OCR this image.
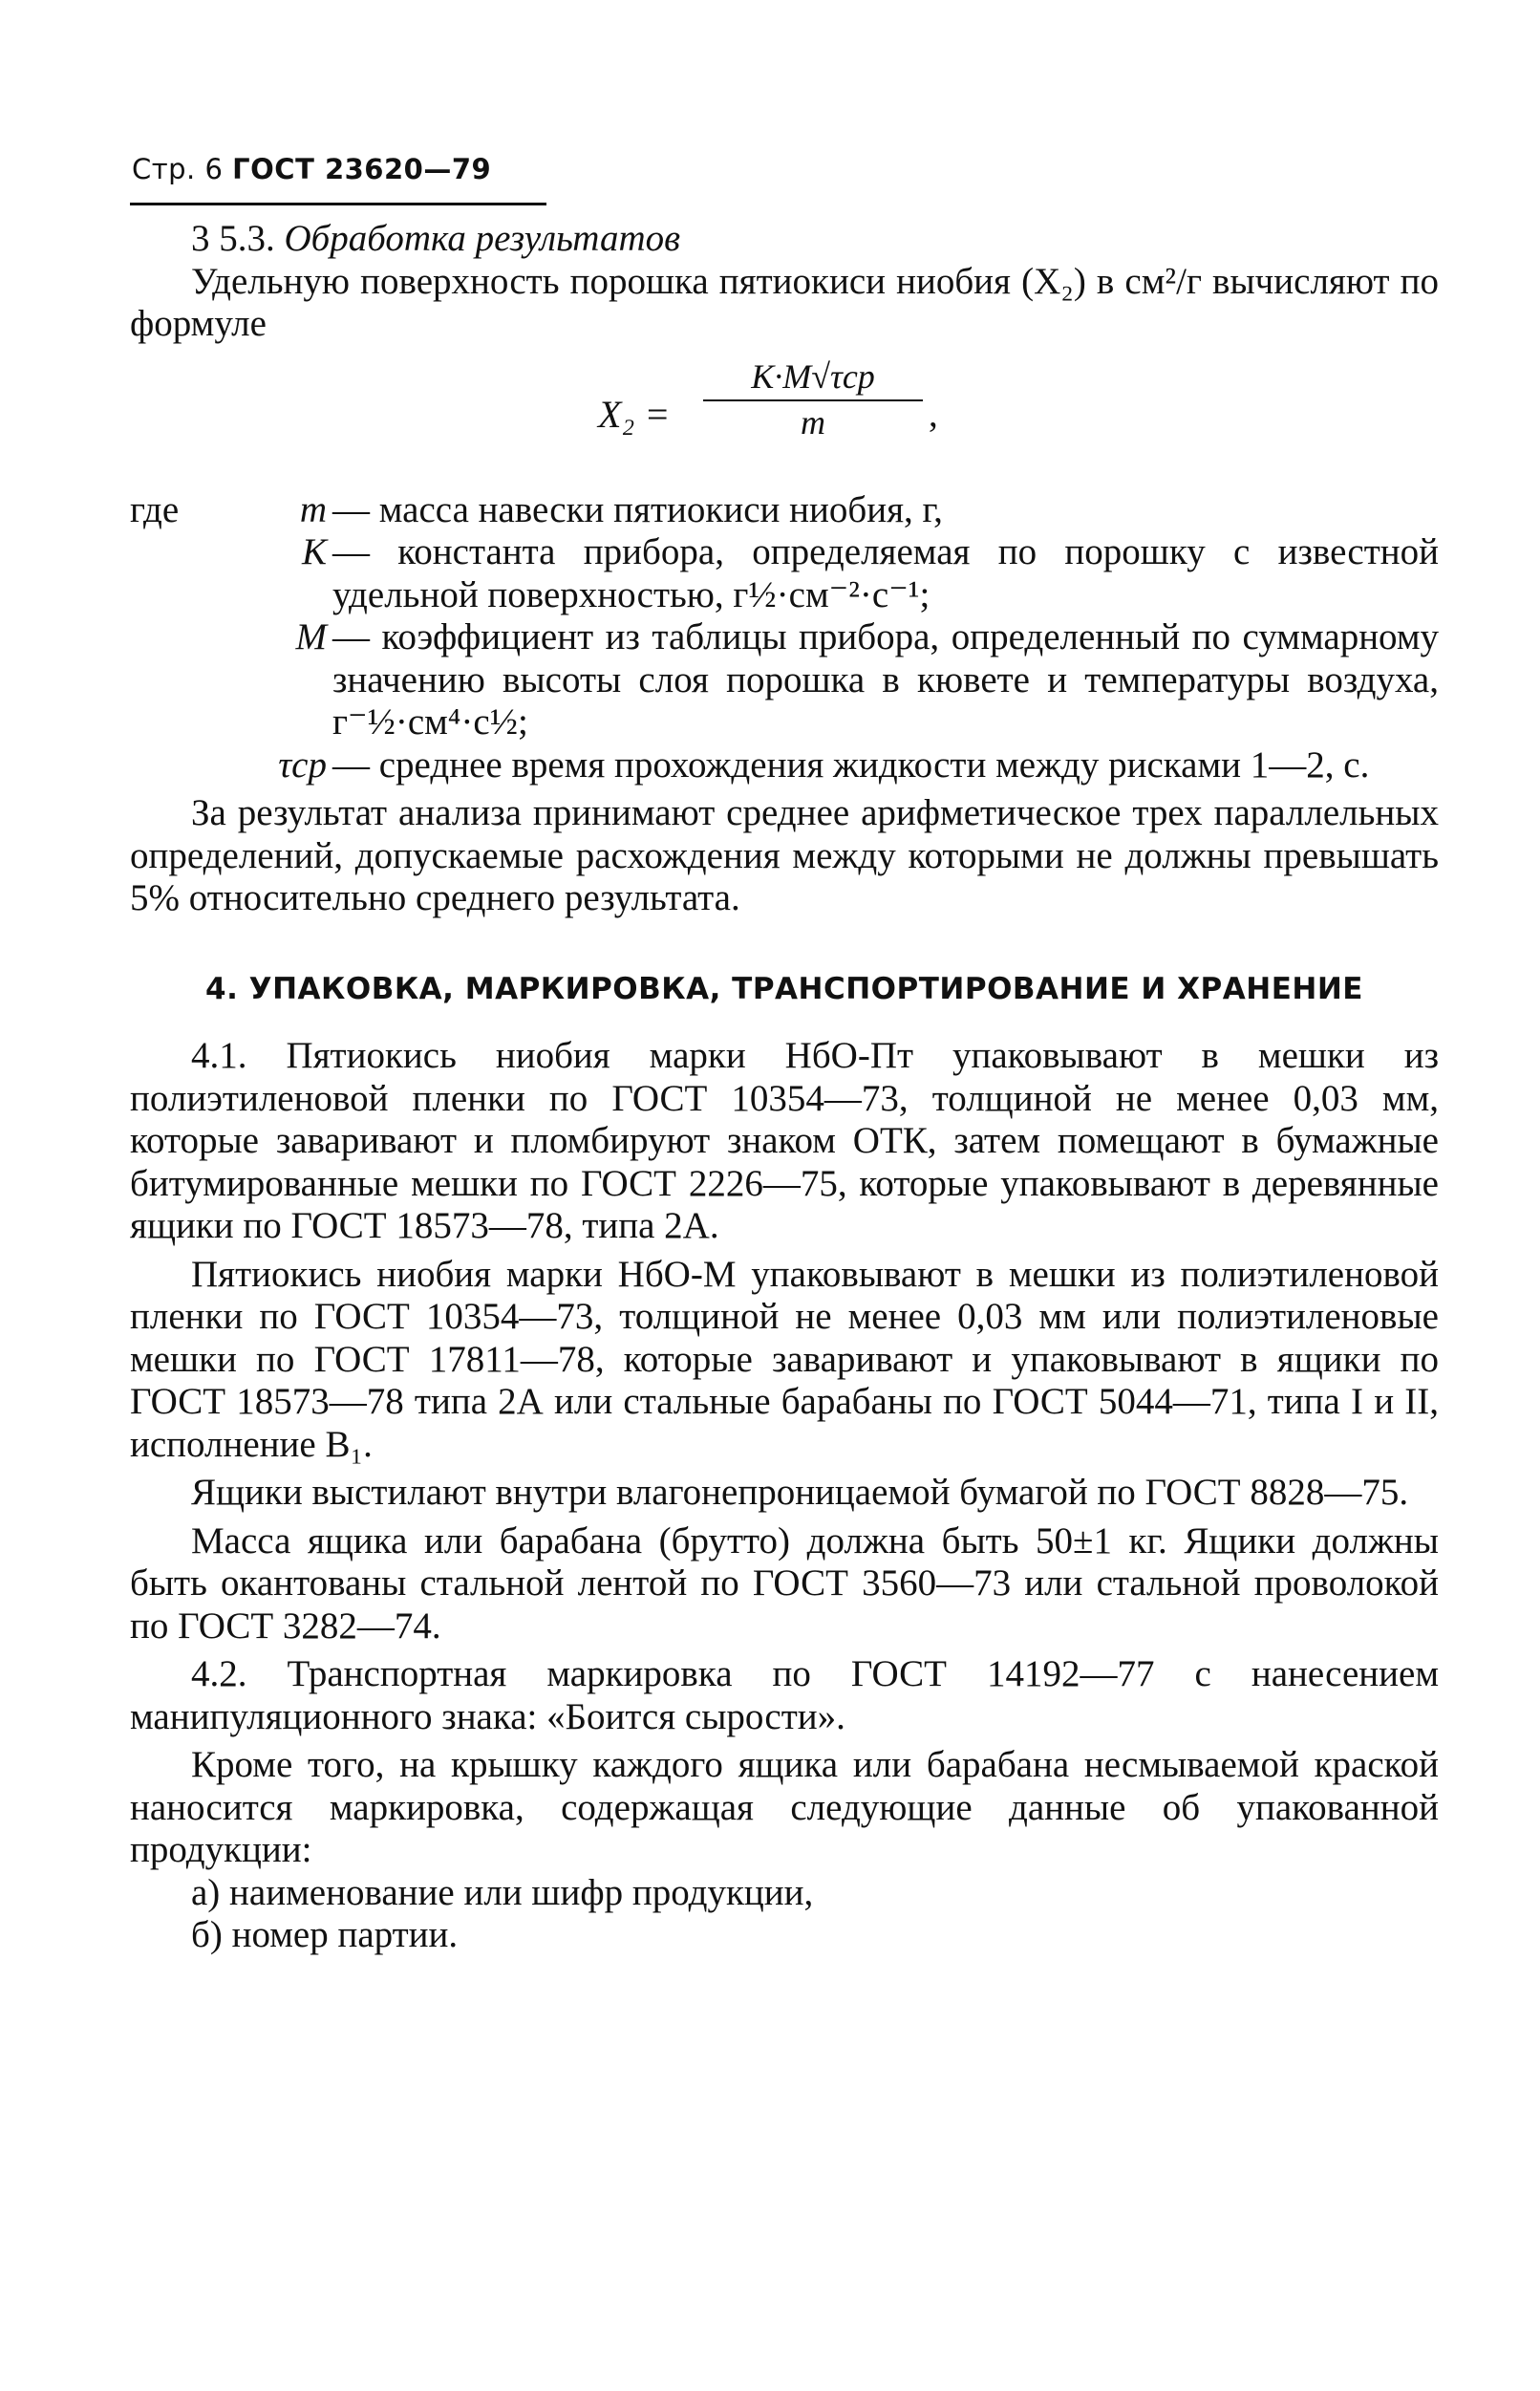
Стр. 6 ГОСТ 23620—79

3 5.3. Обработка результатов

Удельную поверхность порошка пятиокиси ниобия (X₂) в см²/г вычисляют по формуле

X₂ =
K·M√τср
m	,
где	m — масса навески пятиокиси ниобия, г,
K — константа прибора, определяемая по порошку с известной удельной поверхностью, г½·см⁻²·с⁻¹;
M — коэффициент из таблицы прибора, определенный по суммарному значению высоты слоя порошка в кювете и температуры воздуха, г⁻½·см⁴·с½;
τср — среднее время прохождения жидкости между рисками 1—2, с.

За результат анализа принимают среднее арифметическое трех параллельных определений, допускаемые расхождения между которыми не должны превышать 5% относительно среднего результата.

4. УПАКОВКА, МАРКИРОВКА, ТРАНСПОРТИРОВАНИЕ И ХРАНЕНИЕ

4.1. Пятиокись ниобия марки НбО-Пт упаковывают в мешки из полиэтиленовой пленки по ГОСТ 10354—73, толщиной не менее 0,03 мм, которые заваривают и пломбируют знаком ОТК, затем помещают в бумажные битумированные мешки по ГОСТ 2226—75, которые упаковывают в деревянные ящики по ГОСТ 18573—78, типа 2А.

Пятиокись ниобия марки НбО-М упаковывают в мешки из полиэтиленовой пленки по ГОСТ 10354—73, толщиной не менее 0,03 мм или полиэтиленовые мешки по ГОСТ 17811—78, которые заваривают и упаковывают в ящики по ГОСТ 18573—78 типа 2А или стальные барабаны по ГОСТ 5044—71, типа I и II, исполнение B₁.

Ящики выстилают внутри влагонепроницаемой бумагой по ГОСТ 8828—75.

Масса ящика или барабана (брутто) должна быть 50±1 кг. Ящики должны быть окантованы стальной лентой по ГОСТ 3560—73 или стальной проволокой по ГОСТ 3282—74.

4.2. Транспортная маркировка по ГОСТ 14192—77 с нанесением манипуляционного знака: «Боится сырости».

Кроме того, на крышку каждого ящика или барабана несмываемой краской наносится маркировка, содержащая следующие данные об упакованной продукции:

а) наименование или шифр продукции,
б) номер партии.
